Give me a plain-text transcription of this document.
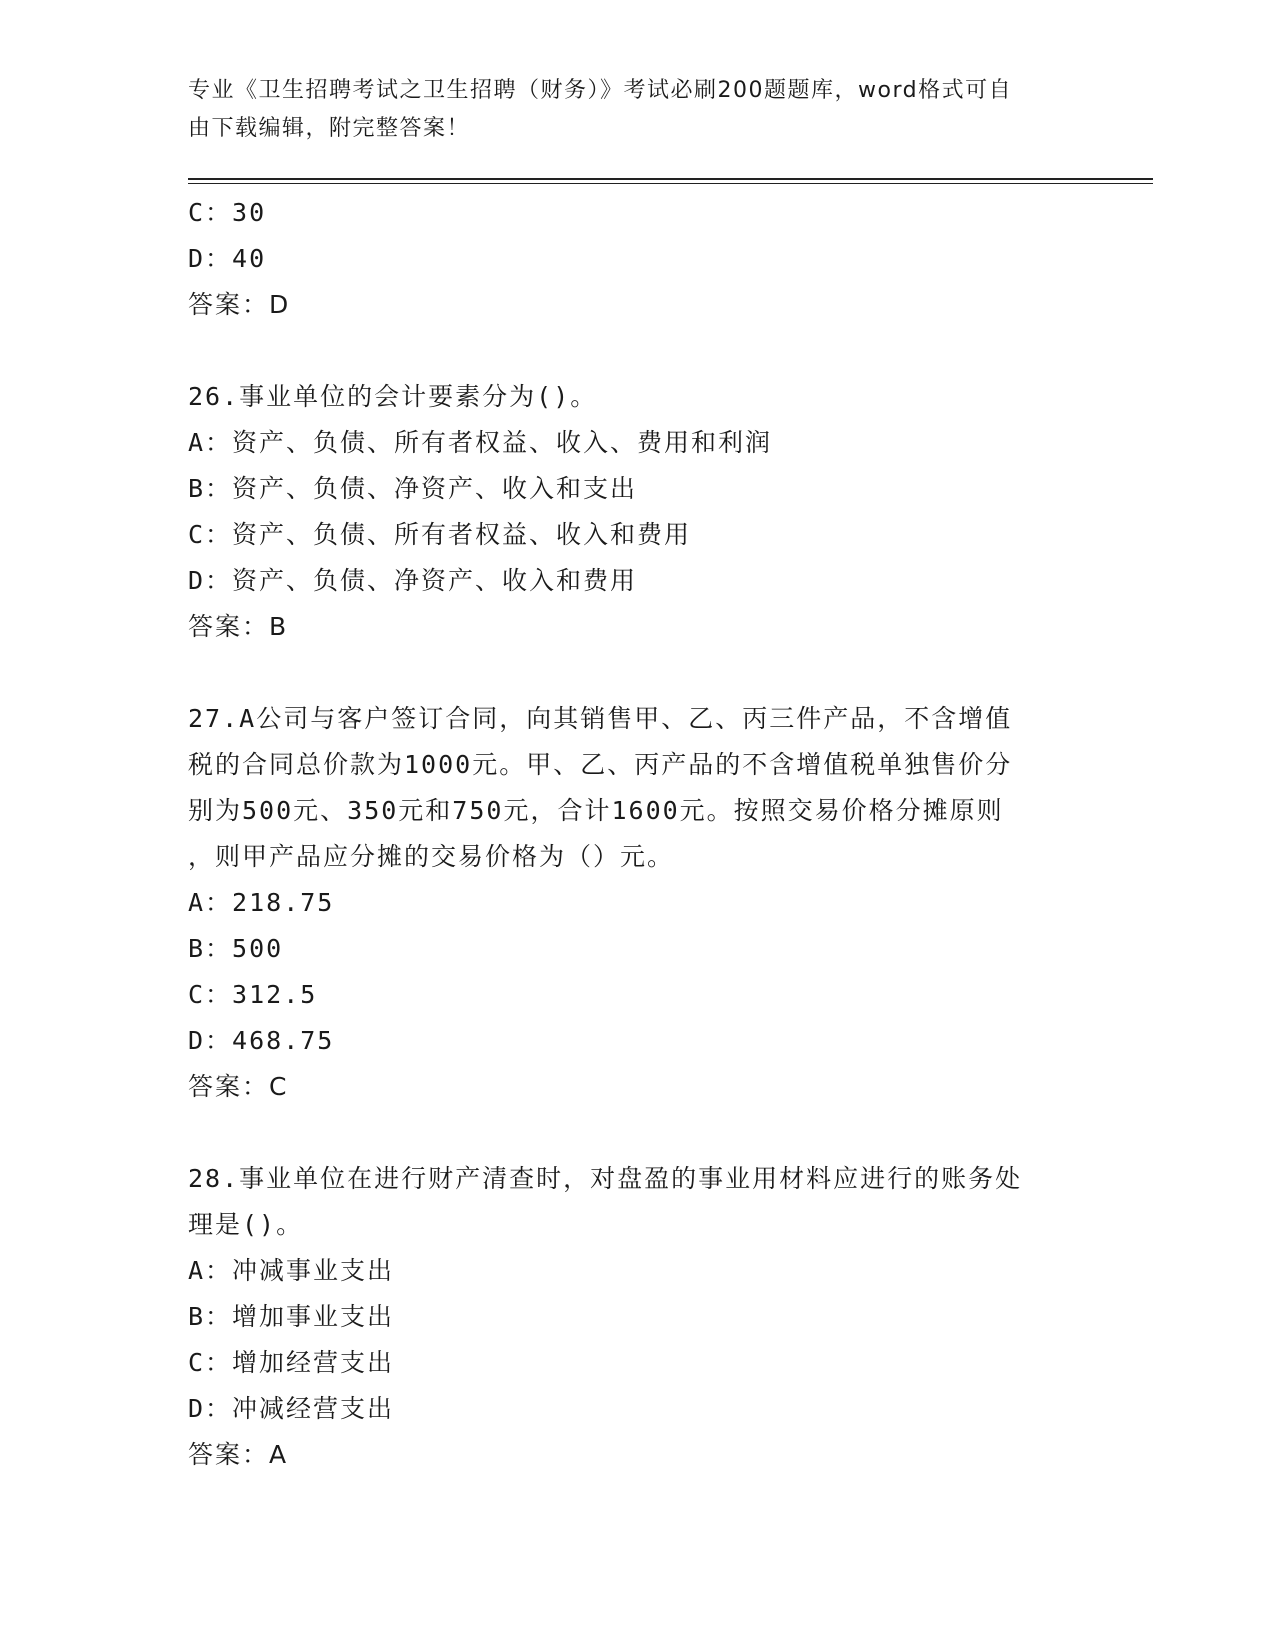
专业《卫生招聘考试之卫生招聘（财务）》考试必刷200题题库，word格式可自
由下载编辑，附完整答案！
C：30
D：40
答案：D
26.事业单位的会计要素分为()。
A：资产、负债、所有者权益、收入、费用和利润
B：资产、负债、净资产、收入和支出
C：资产、负债、所有者权益、收入和费用
D：资产、负债、净资产、收入和费用
答案：B
27.A公司与客户签订合同，向其销售甲、乙、丙三件产品，不含增值
税的合同总价款为1000元。甲、乙、丙产品的不含增值税单独售价分
别为500元、350元和750元，合计1600元。按照交易价格分摊原则
，则甲产品应分摊的交易价格为（）元。
A：218.75
B：500
C：312.5
D：468.75
答案：C
28.事业单位在进行财产清查时，对盘盈的事业用材料应进行的账务处
理是()。
A：冲减事业支出
B：增加事业支出
C：增加经营支出
D：冲减经营支出
答案：A
